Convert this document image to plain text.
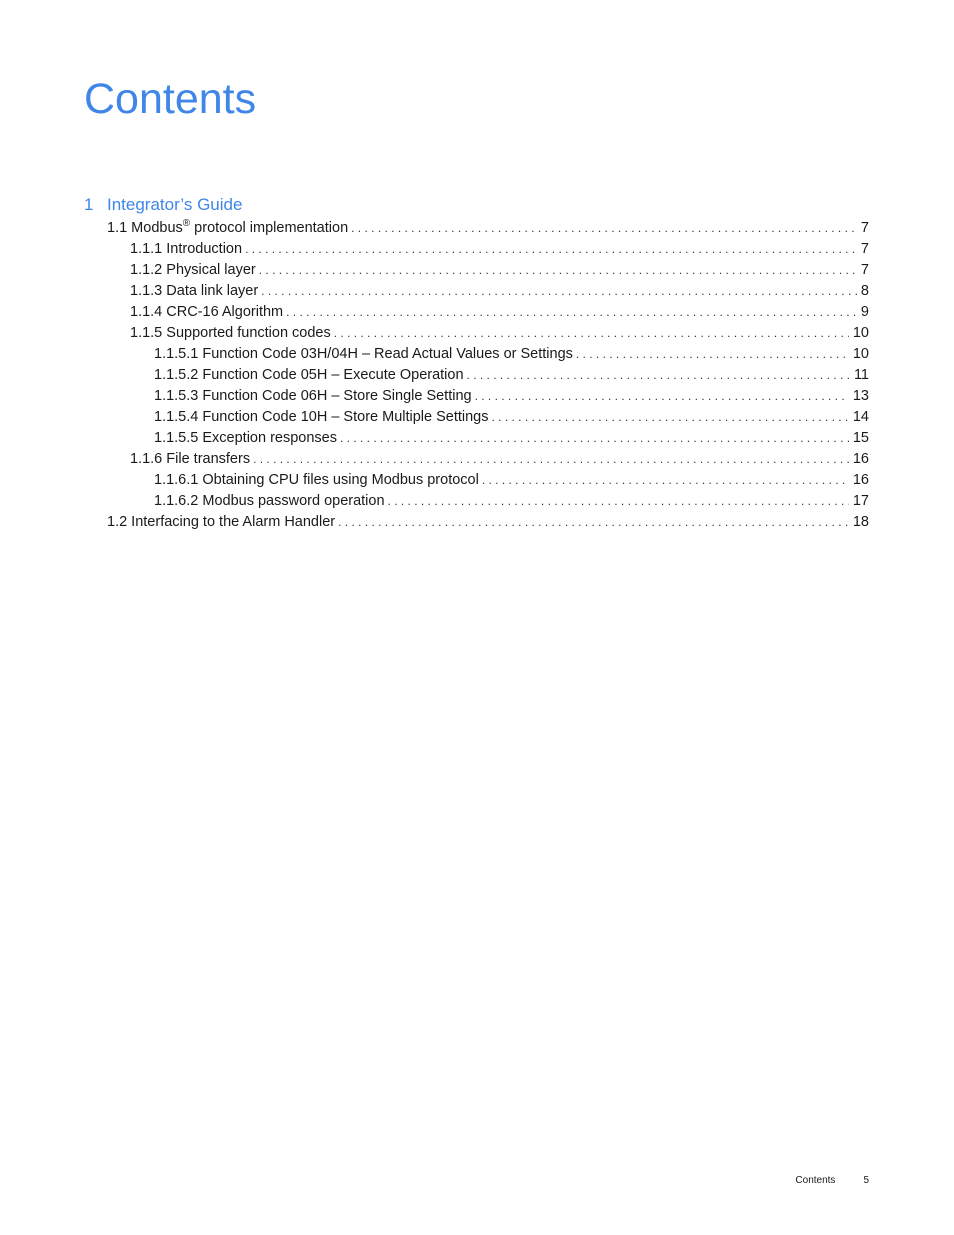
Contents
1 Integrator’s Guide
1.1 Modbus® protocol implementation . . .	7
1.1.1 Introduction . . .	7
1.1.2 Physical layer . . .	7
1.1.3 Data link layer . . .	8
1.1.4 CRC-16 Algorithm . . .	9
1.1.5 Supported function codes . . .	10
1.1.5.1 Function Code 03H/04H – Read Actual Values or Settings . . .	10
1.1.5.2 Function Code 05H – Execute Operation . . .	11
1.1.5.3 Function Code 06H – Store Single Setting . . .	13
1.1.5.4 Function Code 10H – Store Multiple Settings . . .	14
1.1.5.5 Exception responses . . .	15
1.1.6 File transfers . . .	16
1.1.6.1 Obtaining CPU files using Modbus protocol . . .	16
1.1.6.2 Modbus password operation . . .	17
1.2 Interfacing to the Alarm Handler . . .	18
Contents	5
